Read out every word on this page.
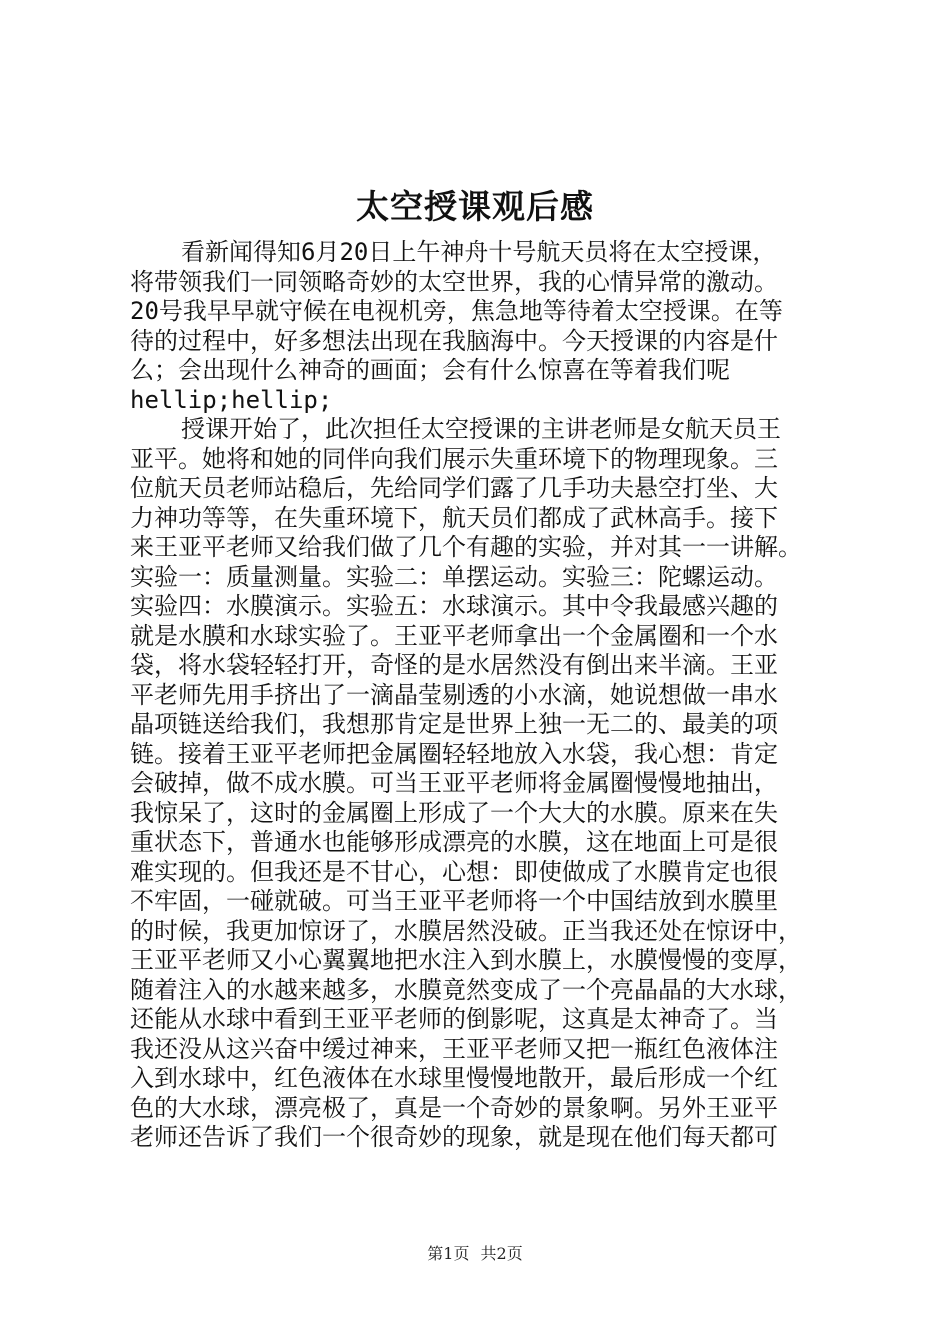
太空授课观后感
看新闻得知6月20日上午神舟十号航天员将在太空授课，
将带领我们一同领略奇妙的太空世界，我的心情异常的激动。
20号我早早就守候在电视机旁，焦急地等待着太空授课。在等
待的过程中，好多想法出现在我脑海中。今天授课的内容是什
么；会出现什么神奇的画面；会有什么惊喜在等着我们呢
hellip;hellip;
授课开始了，此次担任太空授课的主讲老师是女航天员王
亚平。她将和她的同伴向我们展示失重环境下的物理现象。三
位航天员老师站稳后，先给同学们露了几手功夫悬空打坐、大
力神功等等，在失重环境下，航天员们都成了武林高手。接下
来王亚平老师又给我们做了几个有趣的实验，并对其一一讲解。
实验一：质量测量。实验二：单摆运动。实验三：陀螺运动。
实验四：水膜演示。实验五：水球演示。其中令我最感兴趣的
就是水膜和水球实验了。王亚平老师拿出一个金属圈和一个水
袋，将水袋轻轻打开，奇怪的是水居然没有倒出来半滴。王亚
平老师先用手挤出了一滴晶莹剔透的小水滴，她说想做一串水
晶项链送给我们，我想那肯定是世界上独一无二的、最美的项
链。接着王亚平老师把金属圈轻轻地放入水袋，我心想：肯定
会破掉，做不成水膜。可当王亚平老师将金属圈慢慢地抽出，
我惊呆了，这时的金属圈上形成了一个大大的水膜。原来在失
重状态下，普通水也能够形成漂亮的水膜，这在地面上可是很
难实现的。但我还是不甘心，心想：即使做成了水膜肯定也很
不牢固，一碰就破。可当王亚平老师将一个中国结放到水膜里
的时候，我更加惊讶了，水膜居然没破。正当我还处在惊讶中，
王亚平老师又小心翼翼地把水注入到水膜上，水膜慢慢的变厚，
随着注入的水越来越多，水膜竟然变成了一个亮晶晶的大水球，
还能从水球中看到王亚平老师的倒影呢，这真是太神奇了。当
我还没从这兴奋中缓过神来，王亚平老师又把一瓶红色液体注
入到水球中，红色液体在水球里慢慢地散开，最后形成一个红
色的大水球，漂亮极了，真是一个奇妙的景象啊。另外王亚平
老师还告诉了我们一个很奇妙的现象，就是现在他们每天都可
第1页 共2页
